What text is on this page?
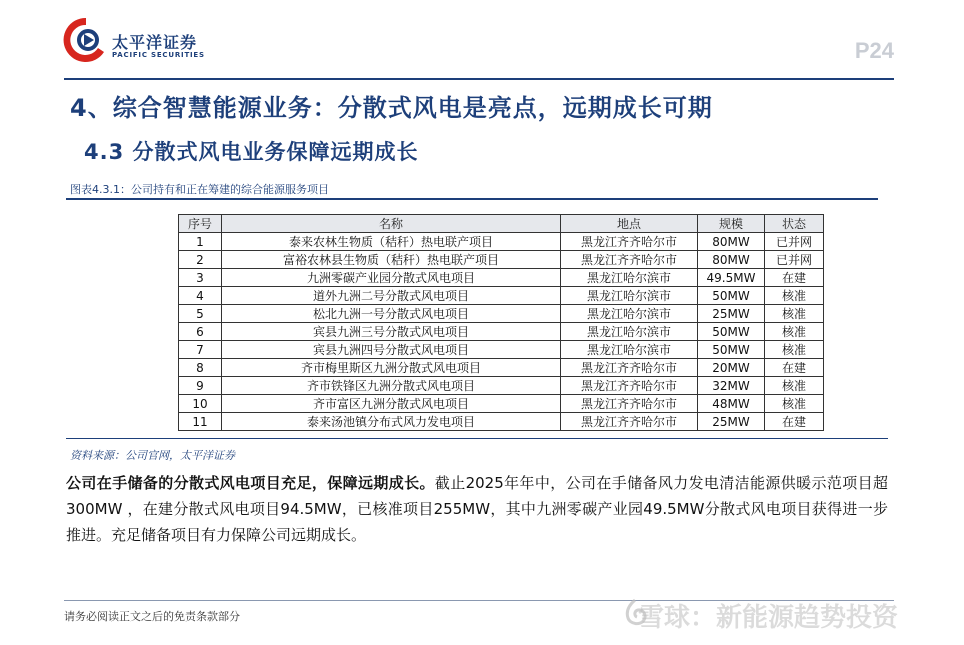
太平洋证券
PACIFIC SECURITIES	P24
4、综合智慧能源业务：分散式风电是亮点，远期成长可期
4.3 分散式风电业务保障远期成长
图表4.3.1：公司持有和正在筹建的综合能源服务项目
序号	名称	地点	规模	状态
1	泰来农林生物质（秸秆）热电联产项目	黑龙江齐齐哈尔市	80MW	已并网
2	富裕农林县生物质（秸秆）热电联产项目	黑龙江齐齐哈尔市	80MW	已并网
3	九洲零碳产业园分散式风电项目	黑龙江哈尔滨市	49.5MW	在建
4	道外九洲二号分散式风电项目	黑龙江哈尔滨市	50MW	核准
5	松北九洲一号分散式风电项目	黑龙江哈尔滨市	25MW	核准
6	宾县九洲三号分散式风电项目	黑龙江哈尔滨市	50MW	核准
7	宾县九洲四号分散式风电项目	黑龙江哈尔滨市	50MW	核准
8	齐市梅里斯区九洲分散式风电项目	黑龙江齐齐哈尔市	20MW	在建
9	齐市铁锋区九洲分散式风电项目	黑龙江齐齐哈尔市	32MW	核准
10	齐市富区九洲分散式风电项目	黑龙江齐齐哈尔市	48MW	核准
11	泰来汤池镇分布式风力发电项目	黑龙江齐齐哈尔市	25MW	在建
资料来源：公司官网，太平洋证券
公司在手储备的分散式风电项目充足，保障远期成长。截止2025年年中，公司在手储备风力发电清洁能源供暖示范项目超300MW ，在建分散式风电项目94.5MW，已核准项目255MW，其中九洲零碳产业园49.5MW分散式风电项目获得进一步推进。充足储备项目有力保障公司远期成长。
请务必阅读正文之后的免责条款部分	雪球：新能源趋势投资
